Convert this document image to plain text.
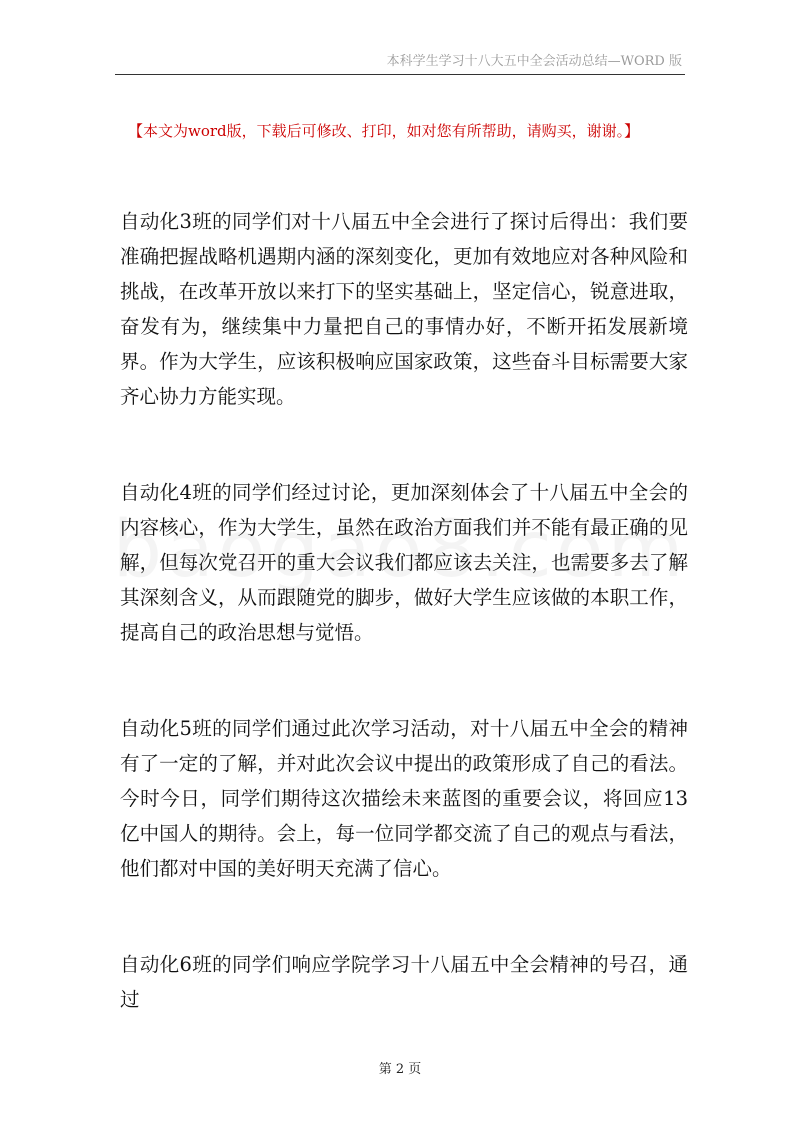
本科学生学习十八大五中全会活动总结—WORD 版
【本文为word版，下载后可修改、打印，如对您有所帮助，请购买，谢谢。】

自动化3班的同学们对十八届五中全会进行了探讨后得出：我们要准确把握战略机遇期内涵的深刻变化，更加有效地应对各种风险和挑战，在改革开放以来打下的坚实基础上，坚定信心，锐意进取，奋发有为，继续集中力量把自己的事情办好，不断开拓发展新境界。作为大学生，应该积极响应国家政策，这些奋斗目标需要大家齐心协力方能实现。

自动化4班的同学们经过讨论，更加深刻体会了十八届五中全会的内容核心，作为大学生，虽然在政治方面我们并不能有最正确的见解，但每次党召开的重大会议我们都应该去关注，也需要多去了解其深刻含义，从而跟随党的脚步，做好大学生应该做的本职工作，提高自己的政治思想与觉悟。

自动化5班的同学们通过此次学习活动，对十八届五中全会的精神有了一定的了解，并对此次会议中提出的政策形成了自己的看法。今时今日，同学们期待这次描绘未来蓝图的重要会议，将回应13亿中国人的期待。会上，每一位同学都交流了自己的观点与看法，他们都对中国的美好明天充满了信心。

自动化6班的同学们响应学院学习十八届五中全会精神的号召，通过

第 2 页
